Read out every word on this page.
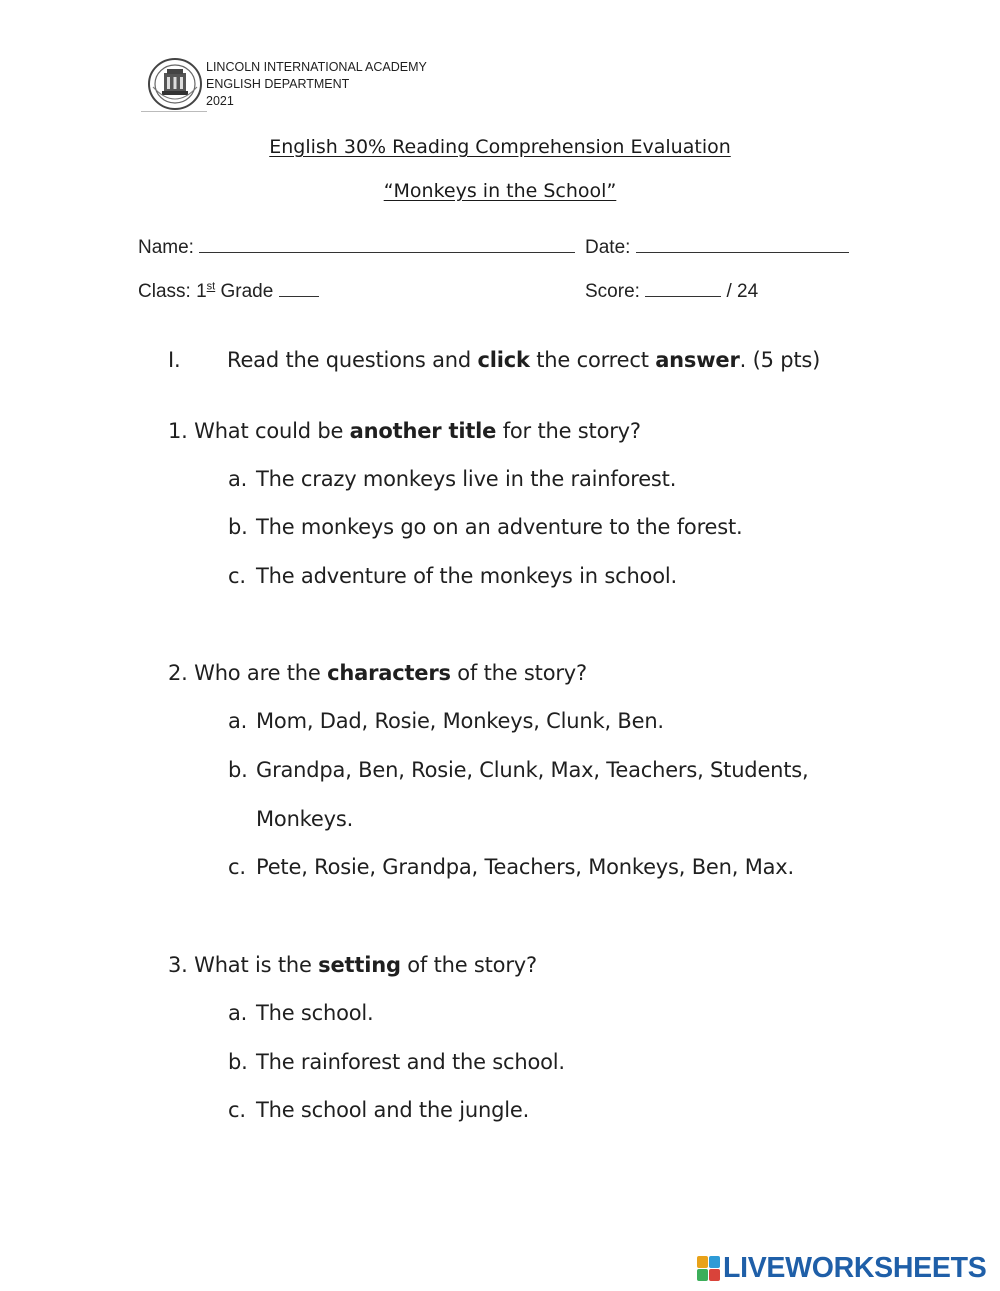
LINCOLN INTERNATIONAL ACADEMY
ENGLISH DEPARTMENT
2021
English 30% Reading Comprehension Evaluation
“Monkeys in the School”
Name:	Date:
Class: 1st Grade	Score:	/ 24
I. Read the questions and click the correct answer. (5 pts)
1. What could be another title for the story?
a. The crazy monkeys live in the rainforest.
b. The monkeys go on an adventure to the forest.
c. The adventure of the monkeys in school.
2. Who are the characters of the story?
a. Mom, Dad, Rosie, Monkeys, Clunk, Ben.
b. Grandpa, Ben, Rosie, Clunk, Max, Teachers, Students,
Monkeys.
c. Pete, Rosie, Grandpa, Teachers, Monkeys, Ben, Max.
3. What is the setting of the story?
a. The school.
b. The rainforest and the school.
c. The school and the jungle.
LIVEWORKSHEETS
